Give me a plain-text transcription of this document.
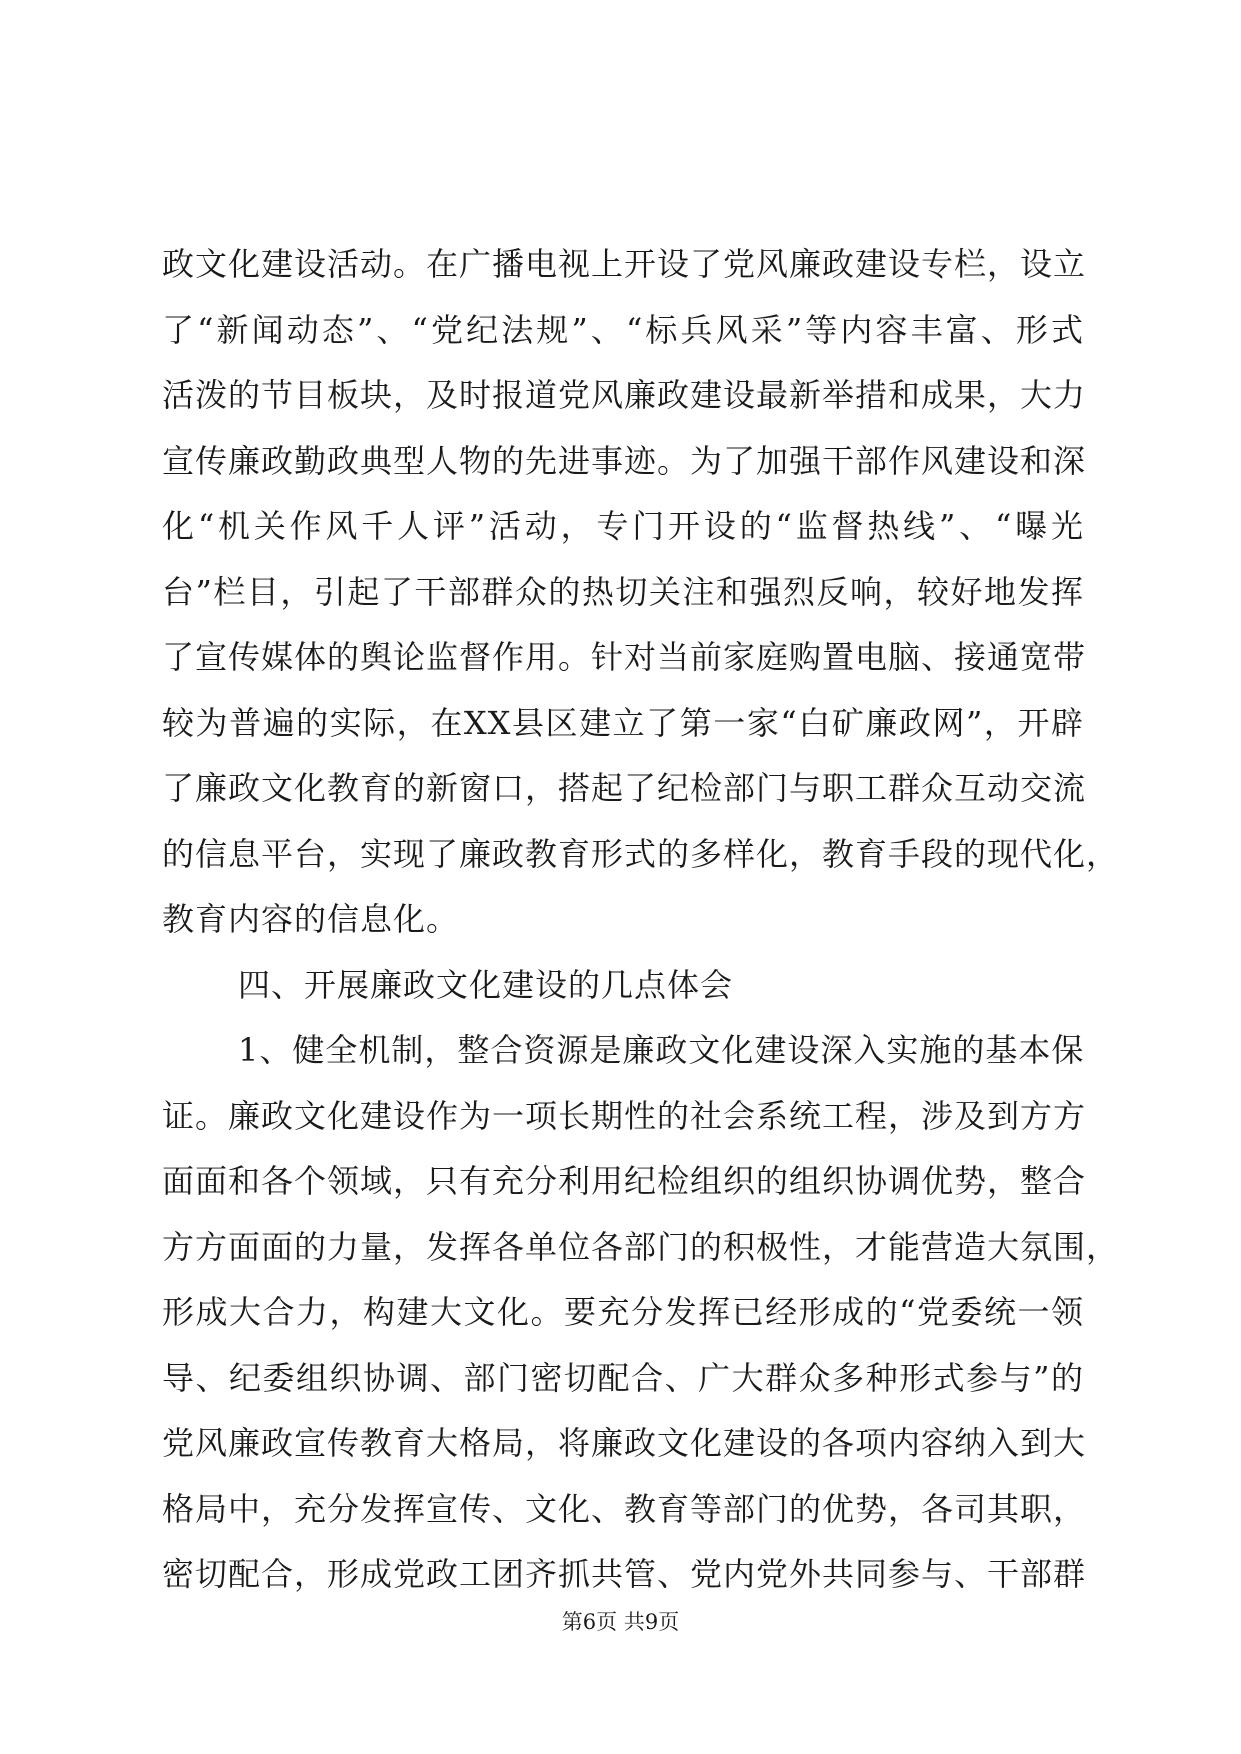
政文化建设活动。在广播电视上开设了党风廉政建设专栏，设立
了“新闻动态”、“党纪法规”、“标兵风采”等内容丰富、形式
活泼的节目板块，及时报道党风廉政建设最新举措和成果，大力
宣传廉政勤政典型人物的先进事迹。为了加强干部作风建设和深
化“机关作风千人评”活动，专门开设的“监督热线”、“曝光
台”栏目，引起了干部群众的热切关注和强烈反响，较好地发挥
了宣传媒体的舆论监督作用。针对当前家庭购置电脑、接通宽带
较为普遍的实际，在XX县区建立了第一家“白矿廉政网”，开辟
了廉政文化教育的新窗口，搭起了纪检部门与职工群众互动交流
的信息平台，实现了廉政教育形式的多样化，教育手段的现代化，
教育内容的信息化。
四、开展廉政文化建设的几点体会
1、健全机制，整合资源是廉政文化建设深入实施的基本保
证。廉政文化建设作为一项长期性的社会系统工程，涉及到方方
面面和各个领域，只有充分利用纪检组织的组织协调优势，整合
方方面面的力量，发挥各单位各部门的积极性，才能营造大氛围，
形成大合力，构建大文化。要充分发挥已经形成的“党委统一领
导、纪委组织协调、部门密切配合、广大群众多种形式参与”的
党风廉政宣传教育大格局，将廉政文化建设的各项内容纳入到大
格局中，充分发挥宣传、文化、教育等部门的优势，各司其职，
密切配合，形成党政工团齐抓共管、党内党外共同参与、干部群
第6页 共9页
